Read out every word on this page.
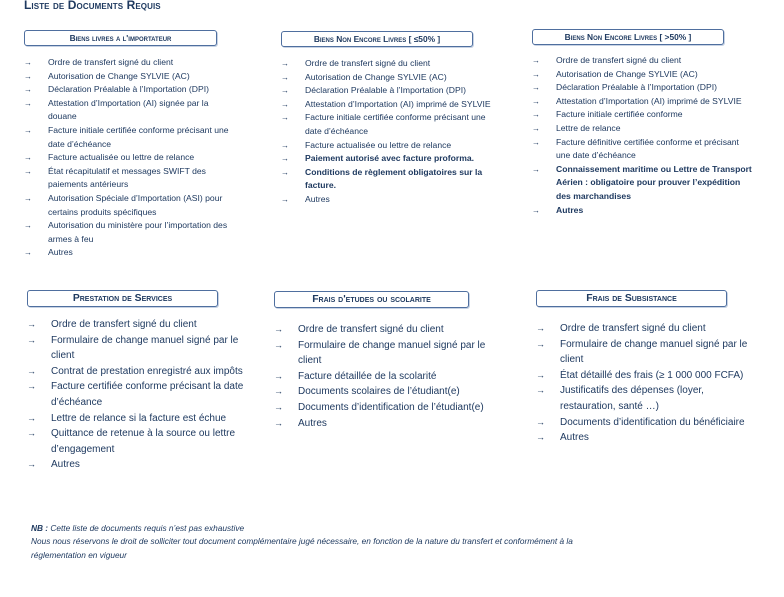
Liste de Documents Requis
Biens livres a l'importateur
→ Ordre de transfert signé du client
→ Autorisation de Change SYLVIE (AC)
→ Déclaration Préalable à l’Importation (DPI)
→ Attestation d’Importation (AI) signée par la douane
→ Facture initiale certifiée conforme précisant une date d’échéance
→ Facture actualisée ou lettre de relance
→ État récapitulatif et messages SWIFT des paiements antérieurs
→ Autorisation Spéciale d’Importation (ASI) pour certains produits spécifiques
→ Autorisation du ministère pour l’importation des armes à feu
→ Autres
Biens Non Encore Livres [ ≤50% ]
→ Ordre de transfert signé du client
→ Autorisation de Change SYLVIE (AC)
→ Déclaration Préalable à l’Importation (DPI)
→ Attestation d’Importation (AI) imprimé de SYLVIE
→ Facture initiale certifiée conforme précisant une date d’échéance
→ Facture actualisée ou lettre de relance
→ Paiement autorisé avec facture proforma.
→ Conditions de règlement obligatoires sur la facture.
→ Autres
Biens Non Encore Livres [ >50% ]
→ Ordre de transfert signé du client
→ Autorisation de Change SYLVIE (AC)
→ Déclaration Préalable à l’Importation (DPI)
→ Attestation d’Importation (AI) imprimé de SYLVIE
→ Facture initiale certifiée conforme
→ Lettre de relance
→ Facture définitive certifiée conforme et précisant une date d’échéance
→ Connaissement maritime ou Lettre de Transport Aérien : obligatoire pour prouver l’expédition des marchandises
→ Autres
Prestation de Services
→ Ordre de transfert signé du client
→ Formulaire de change manuel signé par le client
→ Contrat de prestation enregistré aux impôts
→ Facture certifiée conforme précisant la date d’échéance
→ Lettre de relance si la facture est échue
→ Quittance de retenue à la source ou lettre d’engagement
→ Autres
Frais d'etudes ou scolarite
→ Ordre de transfert signé du client
→ Formulaire de change manuel signé par le client
→ Facture détaillée de la scolarité
→ Documents scolaires de l’étudiant(e)
→ Documents d’identification de l’étudiant(e)
→ Autres
Frais de Subsistance
→ Ordre de transfert signé du client
→ Formulaire de change manuel signé par le client
→ État détaillé des frais (≥ 1 000 000 FCFA)
→ Justificatifs des dépenses (loyer, restauration, santé …)
→ Documents d’identification du bénéficiaire
→ Autres
NB : Cette liste de documents requis n’est pas exhaustive
Nous nous réservons le droit de solliciter tout document complémentaire jugé nécessaire, en fonction de la nature du transfert et conformément à la réglementation en vigueur
